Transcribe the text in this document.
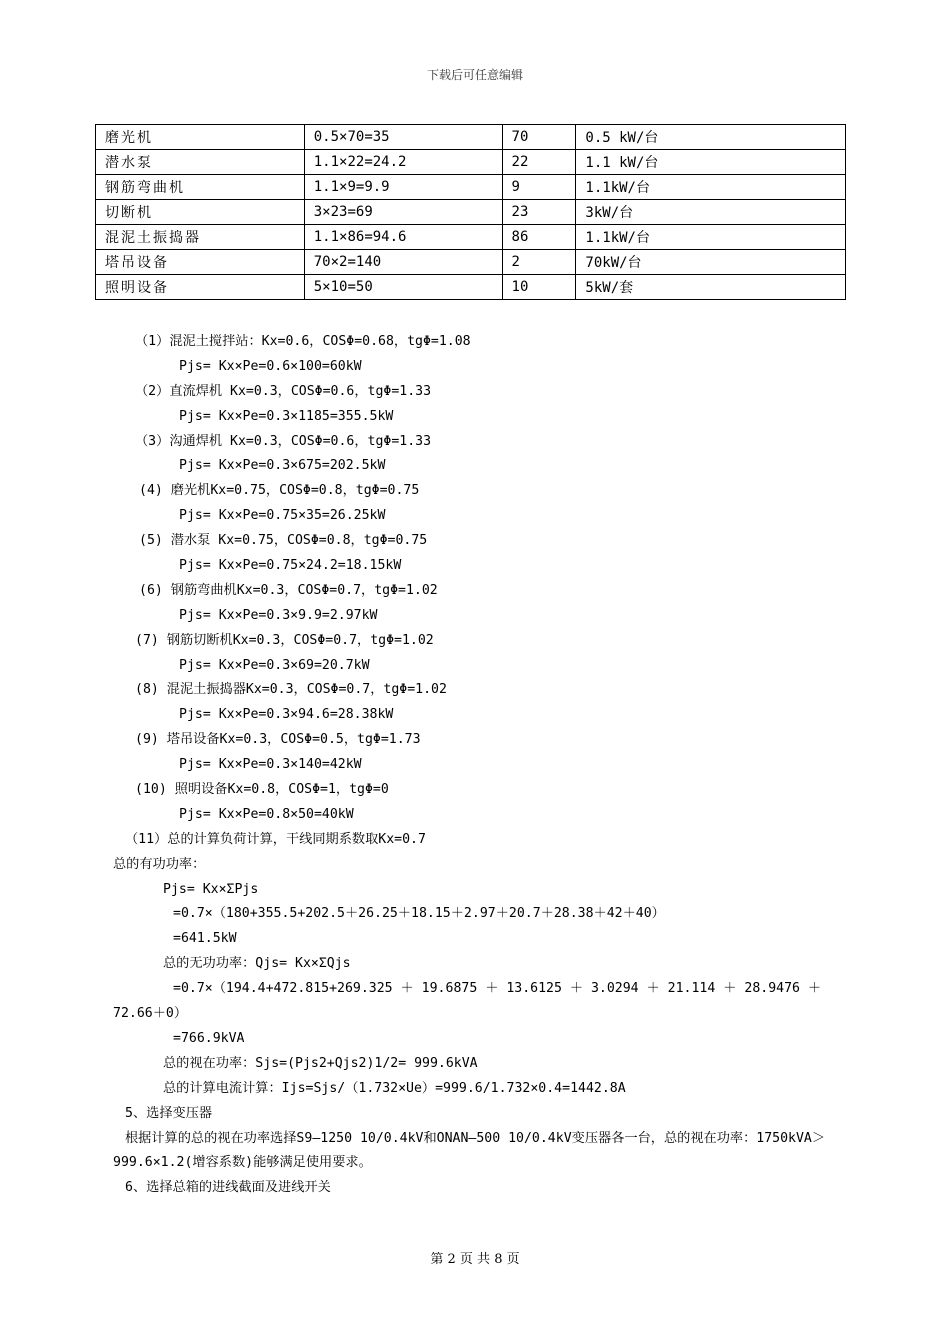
下载后可任意编辑
磨光机	0.5×70=35	70	0.5 kW/台
潜水泵	1.1×22=24.2	22	1.1 kW/台
钢筋弯曲机	1.1×9=9.9	9	1.1kW/台
切断机	3×23=69	23	3kW/台
混泥土振捣器	1.1×86=94.6	86	1.1kW/台
塔吊设备	70×2=140	2	70kW/台
照明设备	5×10=50	10	5kW/套
（1）混泥土搅拌站：Kx=0.6，COSΦ=0.68，tgΦ=1.08
Pjs= Kx×Pe=0.6×100=60kW
（2）直流焊机 Kx=0.3，COSΦ=0.6，tgΦ=1.33
Pjs= Kx×Pe=0.3×1185=355.5kW
（3）沟通焊机 Kx=0.3，COSΦ=0.6，tgΦ=1.33
Pjs= Kx×Pe=0.3×675=202.5kW
(4) 磨光机Kx=0.75，COSΦ=0.8，tgΦ=0.75
Pjs= Kx×Pe=0.75×35=26.25kW
(5) 潜水泵 Kx=0.75，COSΦ=0.8，tgΦ=0.75
Pjs= Kx×Pe=0.75×24.2=18.15kW
(6) 钢筋弯曲机Kx=0.3，COSΦ=0.7，tgΦ=1.02
Pjs= Kx×Pe=0.3×9.9=2.97kW
(7) 钢筋切断机Kx=0.3，COSΦ=0.7，tgΦ=1.02
Pjs= Kx×Pe=0.3×69=20.7kW
(8) 混泥土振捣器Kx=0.3，COSΦ=0.7，tgΦ=1.02
Pjs= Kx×Pe=0.3×94.6=28.38kW
(9) 塔吊设备Kx=0.3，COSΦ=0.5，tgΦ=1.73
Pjs= Kx×Pe=0.3×140=42kW
(10) 照明设备Kx=0.8，COSΦ=1，tgΦ=0
Pjs= Kx×Pe=0.8×50=40kW
（11）总的计算负荷计算，干线同期系数取Kx=0.7
总的有功功率：
Pjs= Kx×ΣPjs
=0.7×（180+355.5+202.5＋26.25＋18.15＋2.97＋20.7＋28.38＋42＋40）
=641.5kW
总的无功功率：Qjs= Kx×ΣQjs
=0.7×（194.4+472.815+269.325 ＋ 19.6875 ＋ 13.6125 ＋ 3.0294 ＋ 21.114 ＋ 28.9476 ＋ 72.66＋0）
=766.9kVA
总的视在功率：Sjs=(Pjs2+Qjs2)1/2= 999.6kVA
总的计算电流计算：Ijs=Sjs/（1.732×Ue）=999.6/1.732×0.4=1442.8A
5、选择变压器
根据计算的总的视在功率选择S9—1250 10/0.4kV和ONAN—500 10/0.4kV变压器各一台，总的视在功率：1750kVA＞999.6×1.2(增容系数)能够满足使用要求。
6、选择总箱的进线截面及进线开关
第 2 页 共 8 页
